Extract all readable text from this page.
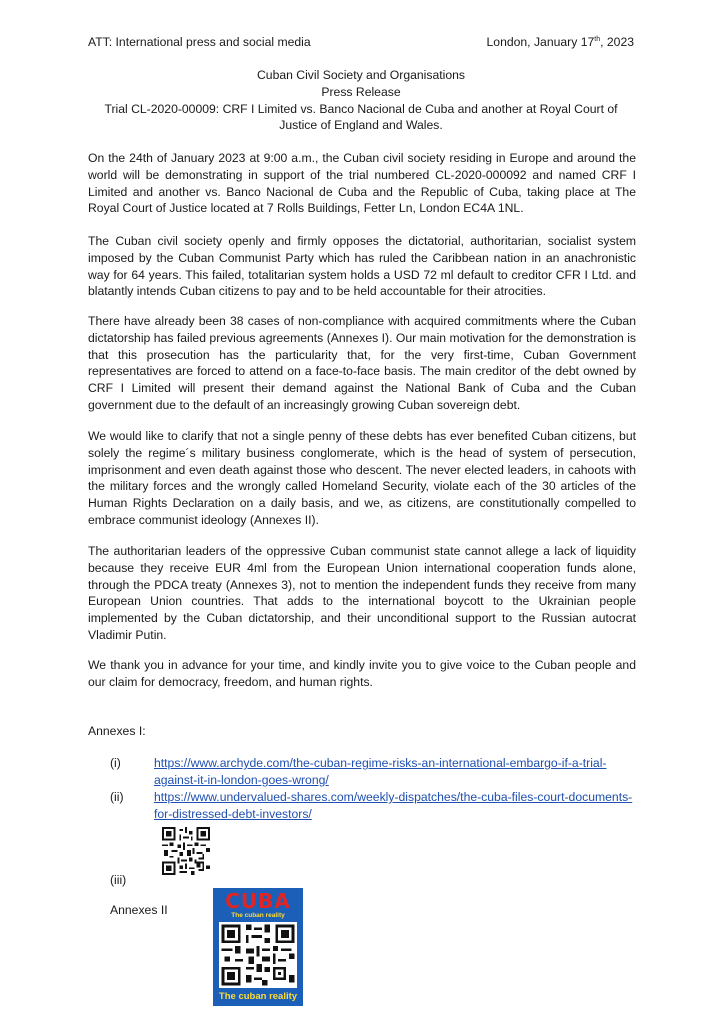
ATT: International press and social media	London, January 17th, 2023
Cuban Civil Society and Organisations
Press Release
Trial CL-2020-00009: CRF I Limited vs. Banco Nacional de Cuba and another at Royal Court of Justice of England and Wales.
On the 24th of January 2023 at 9:00 a.m., the Cuban civil society residing in Europe and around the world will be demonstrating in support of the trial numbered CL-2020-000092 and named CRF I Limited and another vs. Banco Nacional de Cuba and the Republic of Cuba, taking place at The Royal Court of Justice located at 7 Rolls Buildings, Fetter Ln, London EC4A 1NL.
The Cuban civil society openly and firmly opposes the dictatorial, authoritarian, socialist system imposed by the Cuban Communist Party which has ruled the Caribbean nation in an anachronistic way for 64 years. This failed, totalitarian system holds a USD 72 ml default to creditor CFR I Ltd. and blatantly intends Cuban citizens to pay and to be held accountable for their atrocities.
There have already been 38 cases of non-compliance with acquired commitments where the Cuban dictatorship has failed previous agreements (Annexes I). Our main motivation for the demonstration is that this prosecution has the particularity that, for the very first-time, Cuban Government representatives are forced to attend on a face-to-face basis. The main creditor of the debt owned by CRF I Limited will present their demand against the National Bank of Cuba and the Cuban government due to the default of an increasingly growing Cuban sovereign debt.
We would like to clarify that not a single penny of these debts has ever benefited Cuban citizens, but solely the regime´s military business conglomerate, which is the head of system of persecution, imprisonment and even death against those who descent. The never elected leaders, in cahoots with the military forces and the wrongly called Homeland Security, violate each of the 30 articles of the Human Rights Declaration on a daily basis, and we, as citizens, are constitutionally compelled to embrace communist ideology (Annexes II).
The authoritarian leaders of the oppressive Cuban communist state cannot allege a lack of liquidity because they receive EUR 4ml from the European Union international cooperation funds alone, through the PDCA treaty (Annexes 3), not to mention the independent funds they receive from many European Union countries. That adds to the international boycott to the Ukrainian people implemented by the Cuban dictatorship, and their unconditional support to the Russian autocrat Vladimir Putin.
We thank you in advance for your time, and kindly invite you to give voice to the Cuban people and our claim for democracy, freedom, and human rights.
Annexes I:
(i)	https://www.archyde.com/the-cuban-regime-risks-an-international-embargo-if-a-trial-against-it-in-london-goes-wrong/
(ii) https://www.undervalued-shares.com/weekly-dispatches/the-cuba-files-court-documents-for-distressed-debt-investors/
(iii)
Annexes II	CUBA
The cuban reality
The cuban reality
